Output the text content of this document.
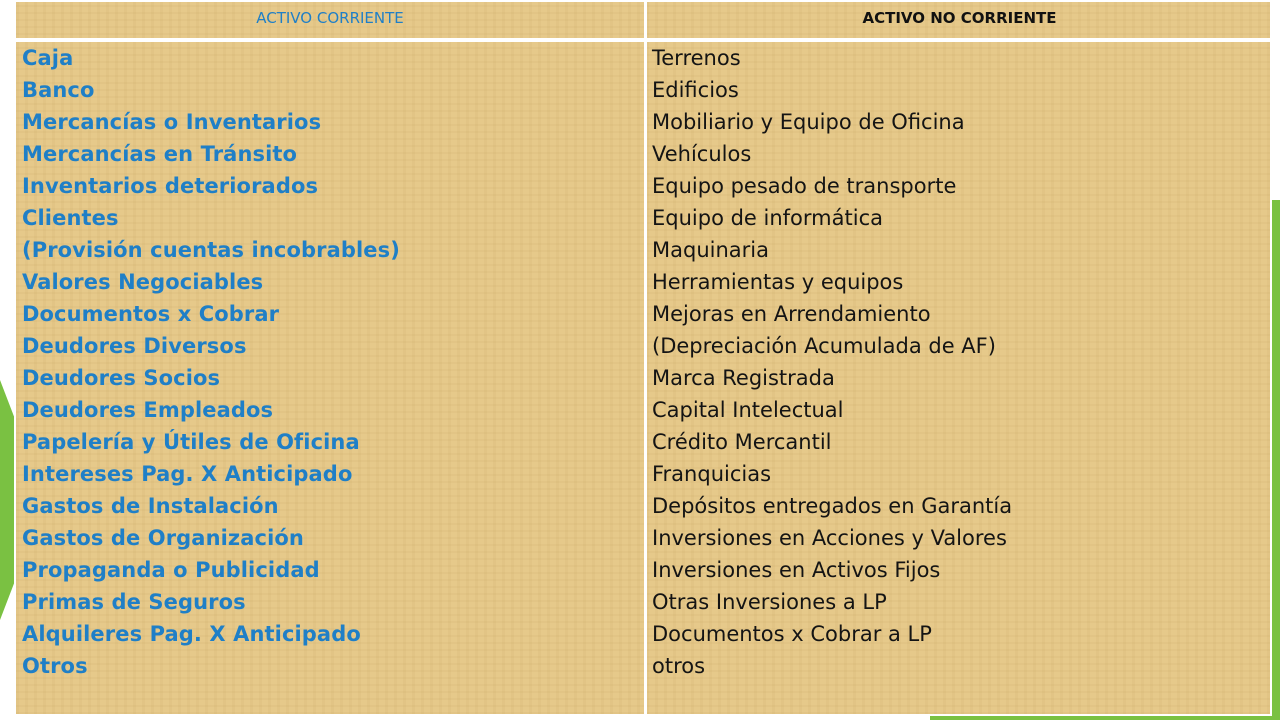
ACTIVO CORRIENTE	ACTIVO NO CORRIENTE
Caja
Banco
Mercancías o Inventarios
Mercancías en Tránsito
Inventarios deteriorados
Clientes
(Provisión cuentas incobrables)
Valores Negociables
Documentos x Cobrar
Deudores Diversos
Deudores Socios
Deudores Empleados
Papelería y Útiles de Oficina
Intereses Pag. X Anticipado
Gastos de Instalación
Gastos de Organización
Propaganda o Publicidad
Primas de Seguros
Alquileres Pag. X Anticipado
Otros
Terrenos
Edificios
Mobiliario y Equipo de Oficina
Vehículos
Equipo pesado de transporte
Equipo de informática
Maquinaria
Herramientas y equipos
Mejoras en Arrendamiento
(Depreciación Acumulada de AF)
Marca Registrada
Capital Intelectual
Crédito Mercantil
Franquicias
Depósitos entregados en Garantía
Inversiones en Acciones y Valores
Inversiones en Activos Fijos
Otras Inversiones a LP
Documentos x Cobrar a LP
otros
